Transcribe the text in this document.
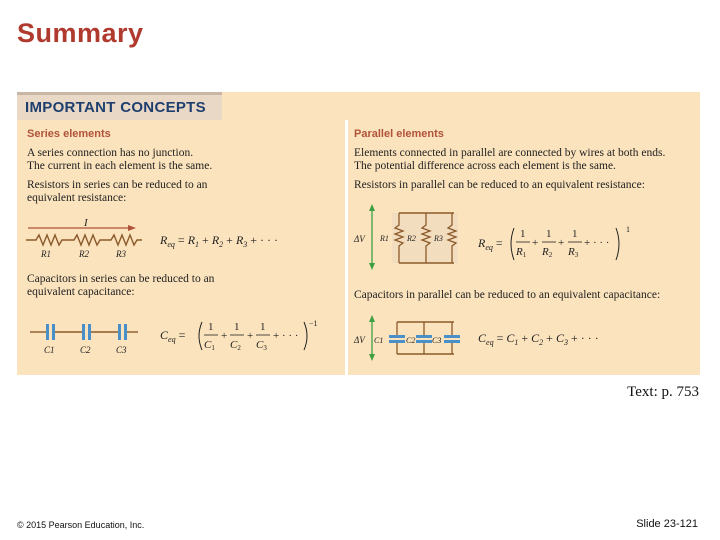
Summary
IMPORTANT CONCEPTS
Series elements
A series connection has no junction.
The current in each element is the same.
Resistors in series can be reduced to an
equivalent resistance:
Capacitors in series can be reduced to an
equivalent capacitance:
Parallel elements
Elements connected in parallel are connected by wires at both ends.
The potential difference across each element is the same.
Resistors in parallel can be reduced to an equivalent resistance:
Capacitors in parallel can be reduced to an equivalent capacitance:
I
R1	R2	R3
$R_{eq} = R_1 + R_2 + R_3$ + · · ·
C1	C2	C3
$C_{eq}$ =
1
C1
+
1
C2
+
1
C3
+ · · ·
−1
ΔV R1 R2 R3	$R_{eq}$ =
1
R1
+
1
R2
+
1
R3
+ · · ·
1
ΔV C1	C2 C3	$C_{eq} = C_1 + C_2 + C_3$ + · · ·
Text: p. 753
© 2015 Pearson Education, Inc.	Slide 23-121
